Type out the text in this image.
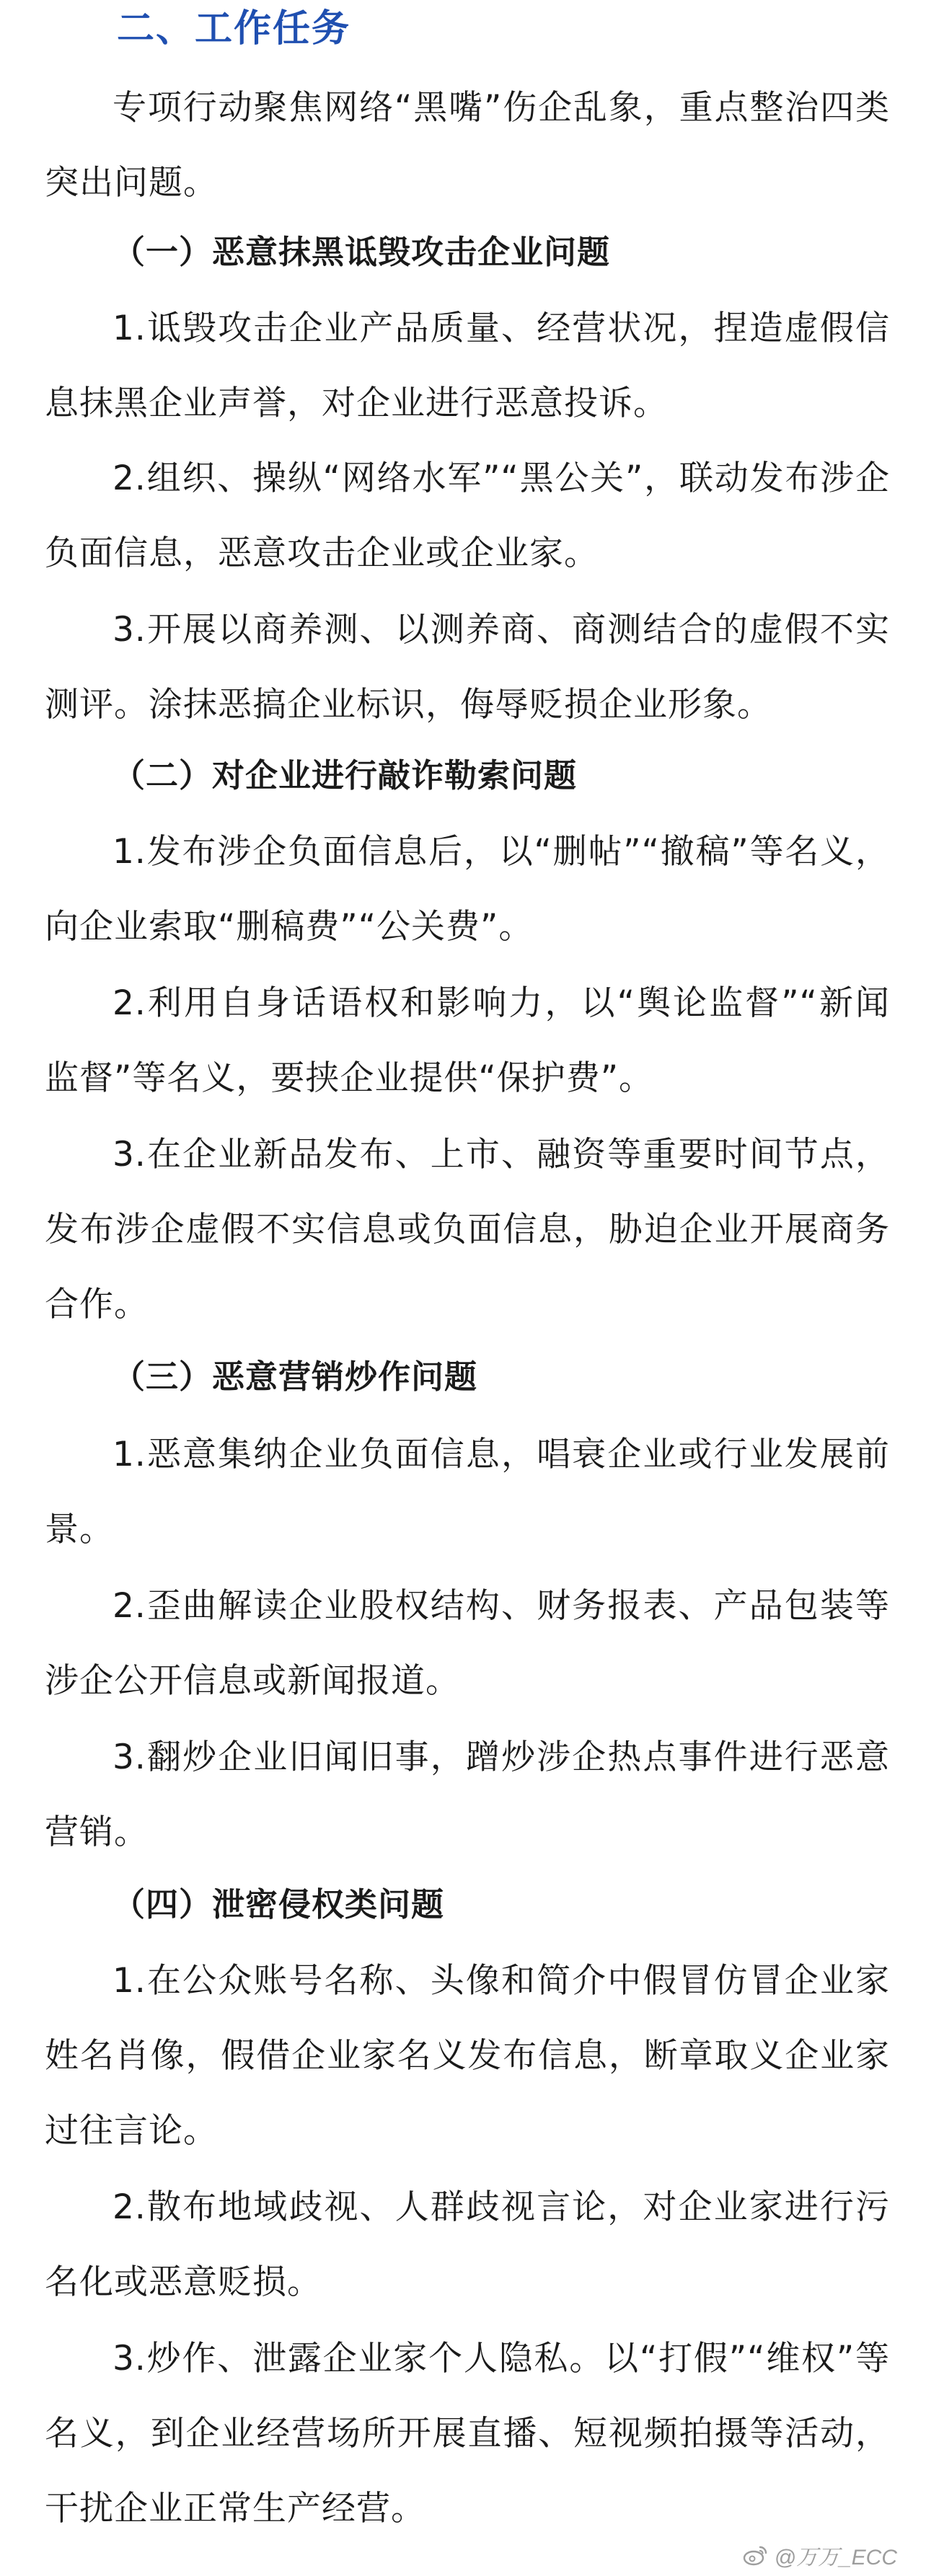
二、工作任务

专项行动聚焦网络“黑嘴”伤企乱象，重点整治四类突出问题。

（一）恶意抹黑诋毁攻击企业问题

1.诋毁攻击企业产品质量、经营状况，捏造虚假信息抹黑企业声誉，对企业进行恶意投诉。

2.组织、操纵“网络水军”“黑公关”，联动发布涉企负面信息，恶意攻击企业或企业家。

3.开展以商养测、以测养商、商测结合的虚假不实测评。涂抹恶搞企业标识，侮辱贬损企业形象。

（二）对企业进行敲诈勒索问题

1.发布涉企负面信息后，以“删帖”“撤稿”等名义，向企业索取“删稿费”“公关费”。

2.利用自身话语权和影响力，以“舆论监督”“新闻监督”等名义，要挟企业提供“保护费”。

3.在企业新品发布、上市、融资等重要时间节点，发布涉企虚假不实信息或负面信息，胁迫企业开展商务合作。

（三）恶意营销炒作问题

1.恶意集纳企业负面信息，唱衰企业或行业发展前景。

2.歪曲解读企业股权结构、财务报表、产品包装等涉企公开信息或新闻报道。

3.翻炒企业旧闻旧事，蹭炒涉企热点事件进行恶意营销。

（四）泄密侵权类问题

1.在公众账号名称、头像和简介中假冒仿冒企业家姓名肖像，假借企业家名义发布信息，断章取义企业家过往言论。

2.散布地域歧视、人群歧视言论，对企业家进行污名化或恶意贬损。

3.炒作、泄露企业家个人隐私。以“打假”“维权”等名义，到企业经营场所开展直播、短视频拍摄等活动，干扰企业正常生产经营。

@万万_ECC
